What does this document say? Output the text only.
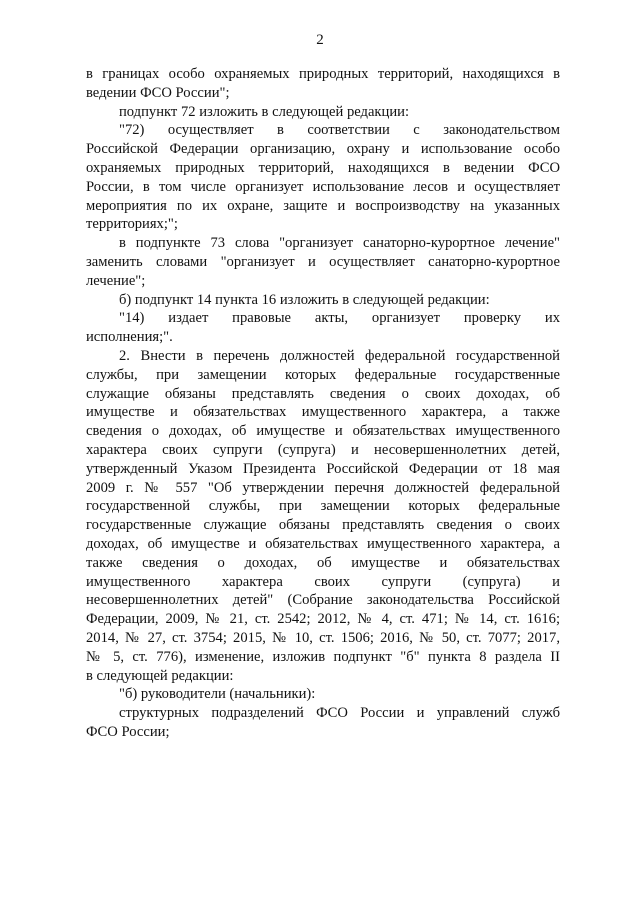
2
в границах особо охраняемых природных территорий, находящихся в
ведении ФСО России";
подпункт 72 изложить в следующей редакции:
"72) осуществляет в соответствии с законодательством
Российской Федерации организацию, охрану и использование особо
охраняемых природных территорий, находящихся в ведении ФСО
России, в том числе организует использование лесов и осуществляет
мероприятия по их охране, защите и воспроизводству на указанных
территориях;";
в подпункте 73 слова "организует санаторно-курортное лечение"
заменить словами "организует и осуществляет санаторно-курортное
лечение";
б) подпункт 14 пункта 16 изложить в следующей редакции:
"14) издает правовые акты, организует проверку их
исполнения;".
2. Внести в перечень должностей федеральной государственной
службы, при замещении которых федеральные государственные
служащие обязаны представлять сведения о своих доходах, об
имуществе и обязательствах имущественного характера, а также
сведения о доходах, об имуществе и обязательствах имущественного
характера своих супруги (супруга) и несовершеннолетних детей,
утвержденный Указом Президента Российской Федерации от 18 мая
2009 г. № 557 "Об утверждении перечня должностей федеральной
государственной службы, при замещении которых федеральные
государственные служащие обязаны представлять сведения о своих
доходах, об имуществе и обязательствах имущественного характера, а
также сведения о доходах, об имуществе и обязательствах
имущественного характера своих супруги (супруга) и
несовершеннолетних детей" (Собрание законодательства Российской
Федерации, 2009, № 21, ст. 2542; 2012, № 4, ст. 471; № 14, ст. 1616;
2014, № 27, ст. 3754; 2015, № 10, ст. 1506; 2016, № 50, ст. 7077; 2017,
№ 5, ст. 776), изменение, изложив подпункт "б" пункта 8 раздела II
в следующей редакции:
"б) руководители (начальники):
структурных подразделений ФСО России и управлений служб
ФСО России;
